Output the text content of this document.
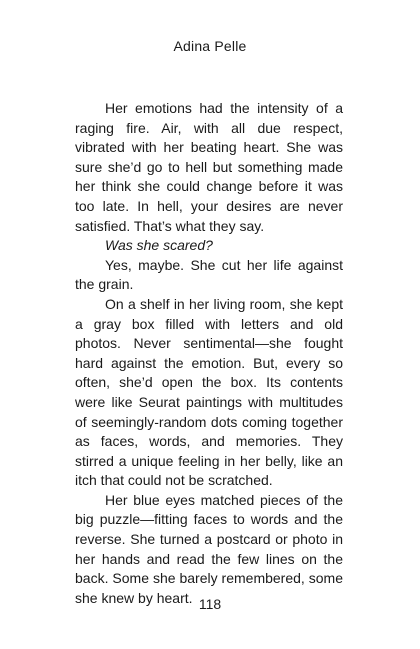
Adina Pelle

Her emotions had the intensity of a raging fire. Air, with all due respect, vibrated with her beating heart. She was sure she’d go to hell but something made her think she could change before it was too late. In hell, your desires are never satisfied. That’s what they say.

Was she scared?

Yes, maybe. She cut her life against the grain.

On a shelf in her living room, she kept a gray box filled with letters and old photos. Never sentimental—she fought hard against the emotion. But, every so often, she’d open the box. Its contents were like Seurat paintings with multitudes of seemingly-random dots coming together as faces, words, and memories. They stirred a unique feeling in her belly, like an itch that could not be scratched.

Her blue eyes matched pieces of the big puzzle—fitting faces to words and the reverse. She turned a postcard or photo in her hands and read the few lines on the back. Some she barely remembered, some she knew by heart. 118
